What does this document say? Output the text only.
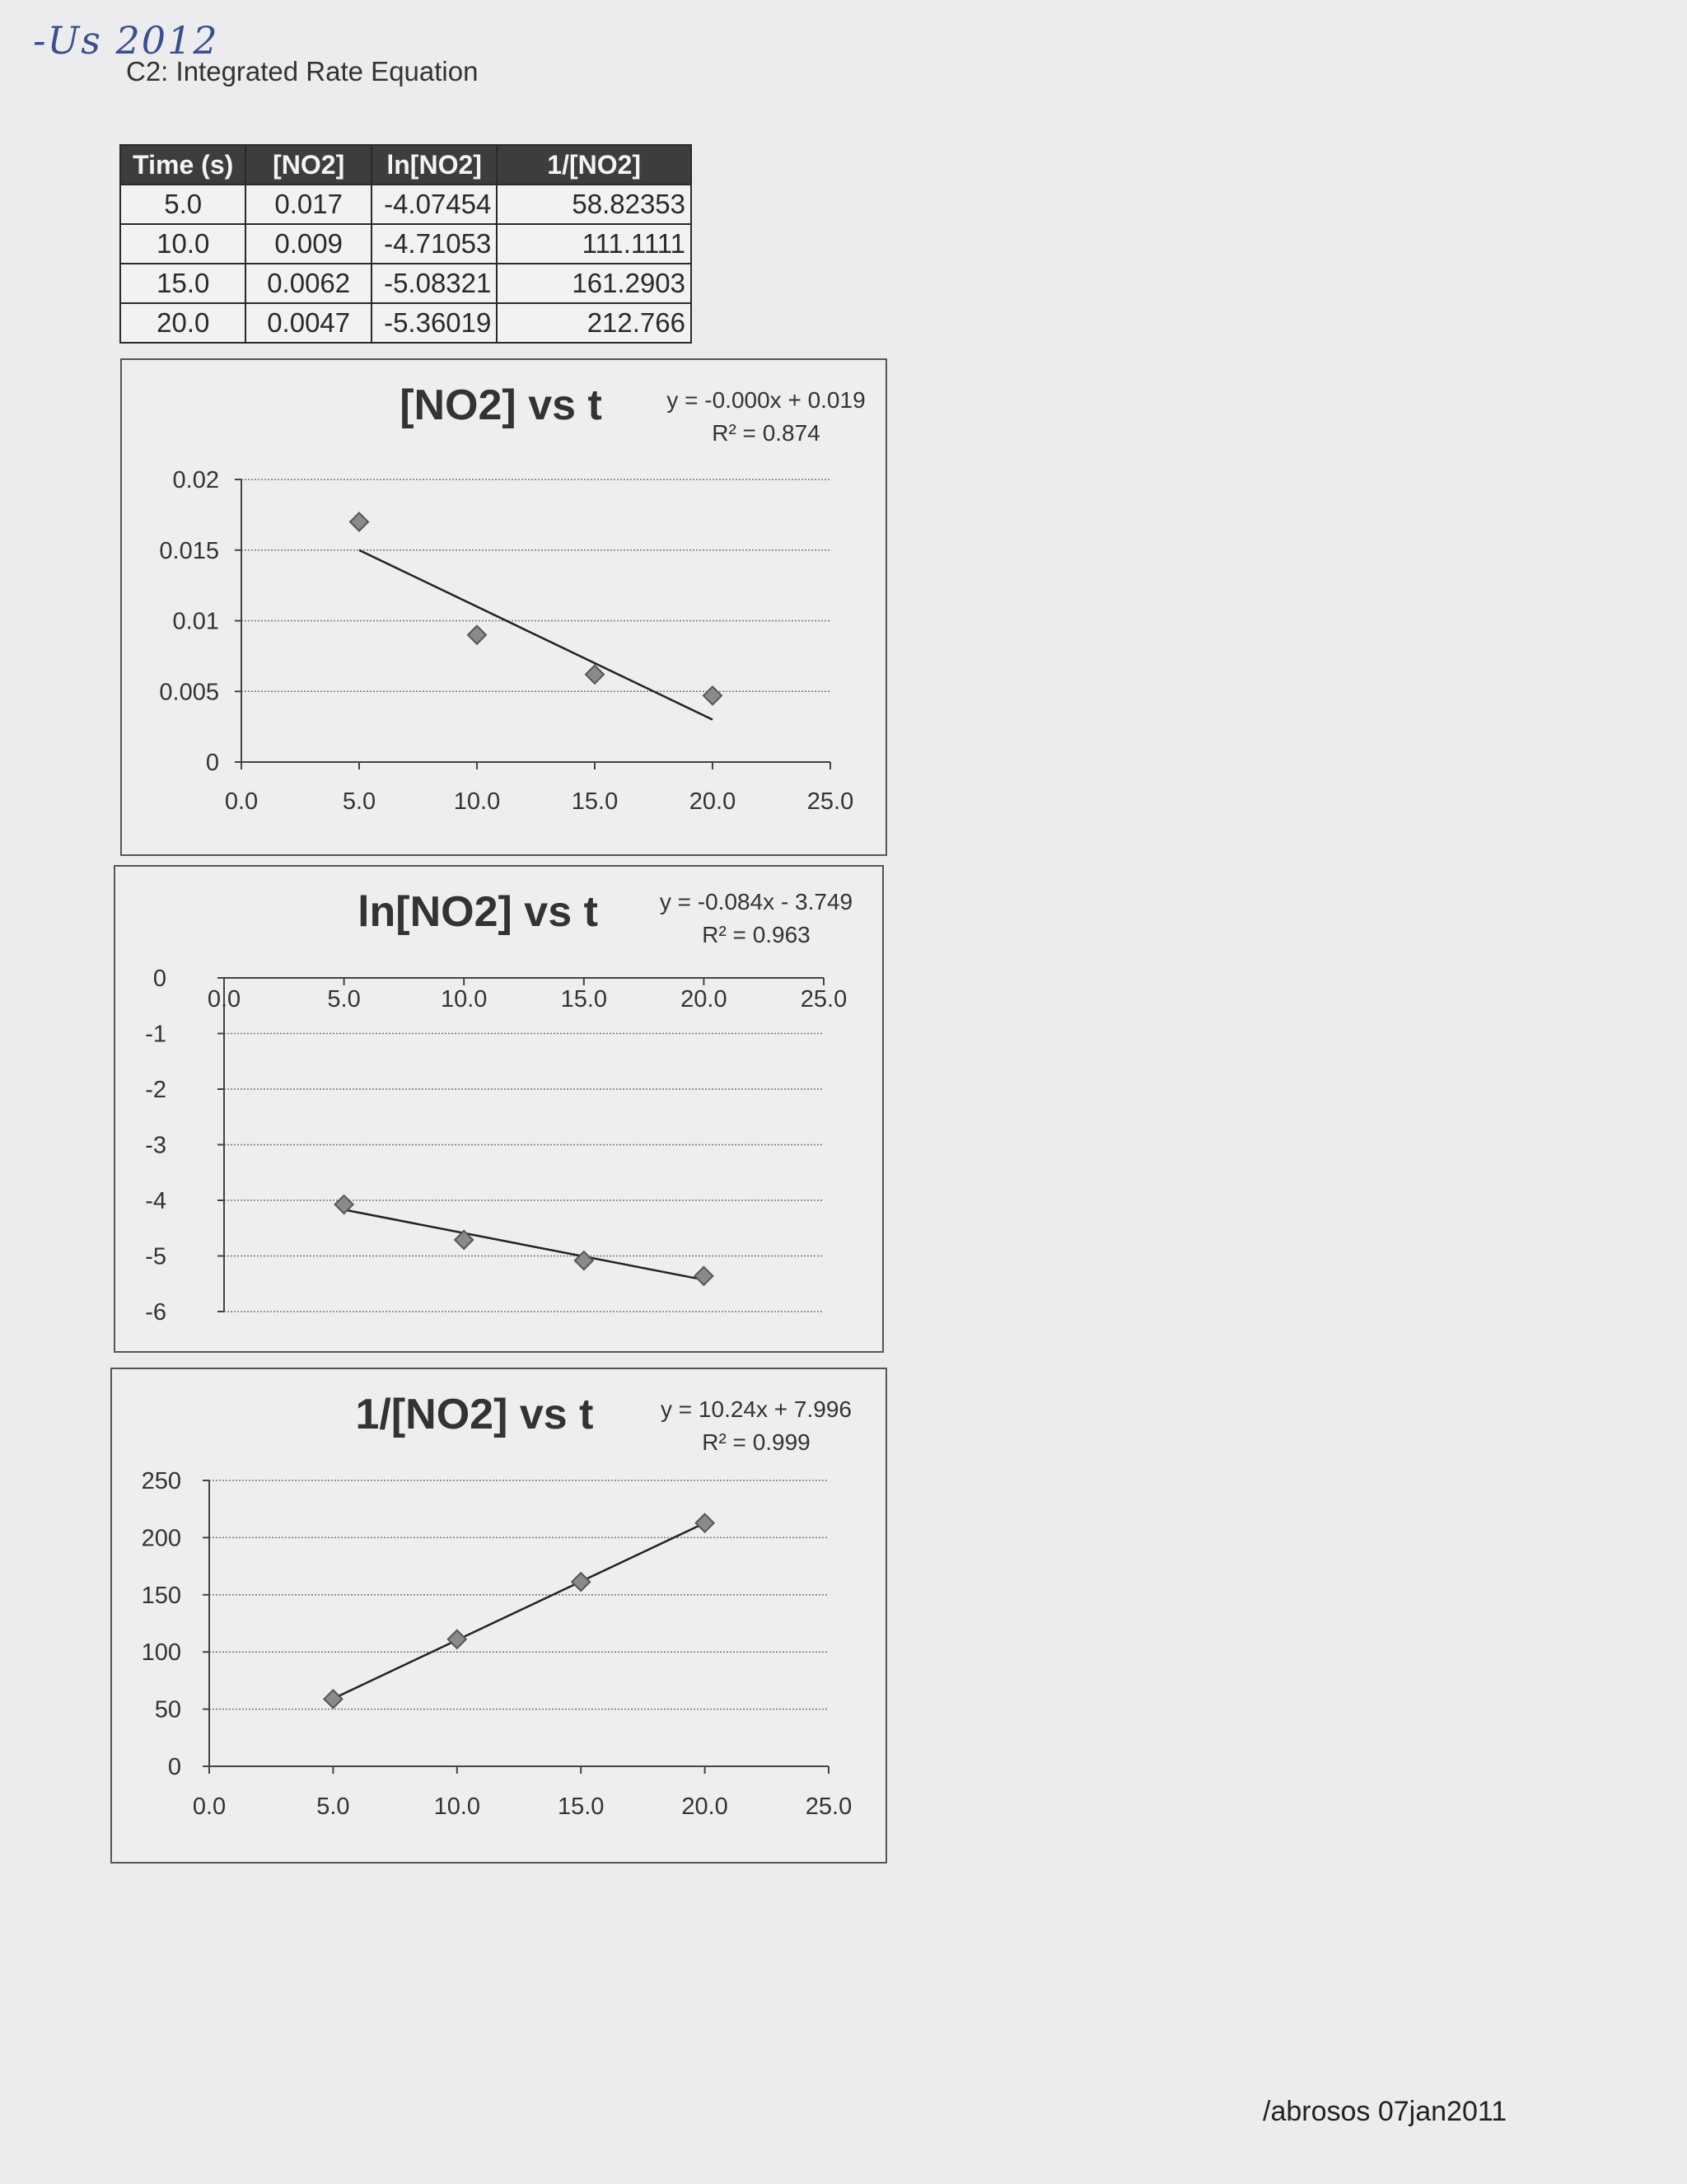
-Us 2012
C2: Integrated Rate Equation
Time (s)	[NO2]	ln[NO2]	1/[NO2]
5.0	0.017	-4.07454	58.82353
10.0	0.009	-4.71053	111.1111
15.0	0.0062	-5.08321	161.2903
20.0	0.0047	-5.36019	212.766
[NO2] vs t	y = -0.000x + 0.019
R² = 0.874
0
0.005
0.01
0.015
0.02
0.0	5.0	10.0	15.0	20.0	25.0
ln[NO2] vs t	y = -0.084x - 3.749
R² = 0.963
0
-1
-2
-3
-4
-5
-6
0.0	5.0	10.0	15.0	20.0	25.0
1/[NO2] vs t	y = 10.24x + 7.996
R² = 0.999
0
50
100
150
200
250
0.0	5.0	10.0	15.0	20.0	25.0
/abrosos 07jan2011
